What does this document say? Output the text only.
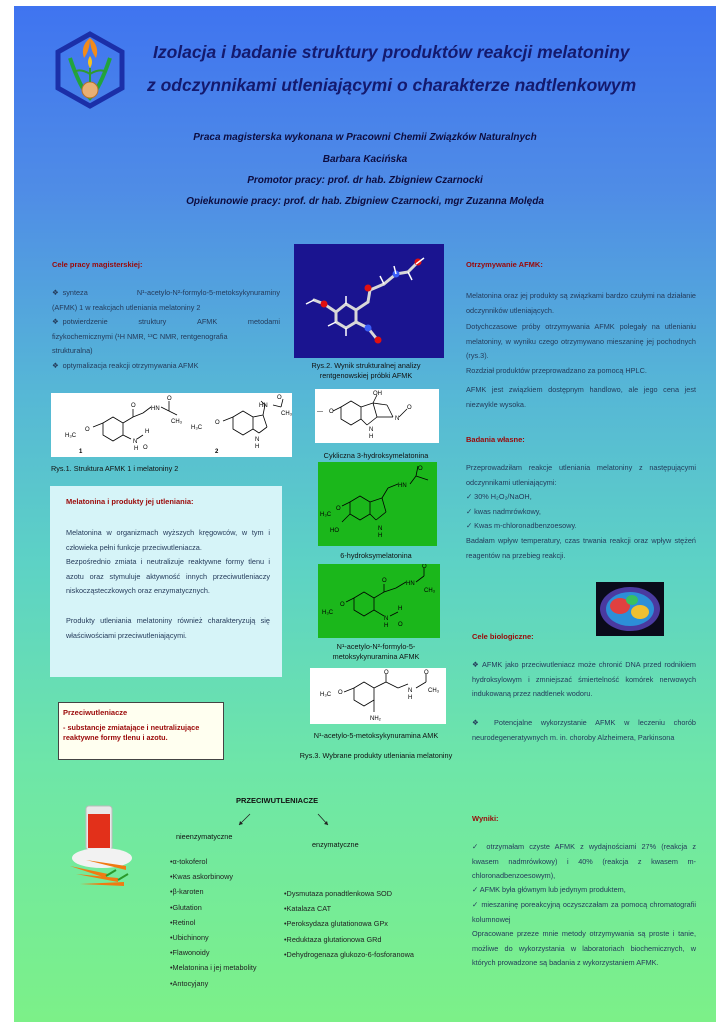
Izolacja i badanie struktury produktów reakcji melatoniny
z odczynnikami utleniającymi o charakterze nadtlenkowym
Praca magisterska wykonana w Pracowni Chemii Związków Naturalnych
Barbara Kacińska
Promotor pracy: prof. dr hab. Zbigniew Czarnocki
Opiekunowie pracy: prof. dr hab. Zbigniew Czarnocki, mgr Zuzanna Molęda
Cele pracy magisterskiej:
❖  synteza	N¹-acetylo-N²-formylo-5-metoksykynuraminy
(AFMK) 1 w reakcjach utleniania melatoniny 2
❖  potwierdzenie	struktury	AFMK	metodami
fizykochemicznymi (¹H NMR, ¹³C NMR, rentgenografia
strukturalna)
❖  optymalizacja reakcji otrzymywania AFMK
H₃C
O
O	HN
O
CH₃
N
H
H
O
H₃C
O
N
H
HN
O
CH₃
1	2
Rys.1. Struktura AFMK 1 i melatoniny 2
Melatonina i produkty jej utleniania:
Melatonina w organizmach wyższych kręgowców, w tym i człowieka pełni funkcje przeciwutleniacza.
Bezpośrednio zmiata i neutralizuje reaktywne formy tlenu i azotu oraz stymuluje aktywność innych przeciwutleniaczy niskocząsteczkowych oraz enzymatycznych.
Produkty utleniania melatoniny również charakteryzują się właściwościami przeciwutleniającymi.
Przeciwutleniacze
- substancje zmiatające i neutralizujące reaktywne formy tlenu i azotu.
Rys.2. Wynik strukturalnej analizy
rentgenowskiej próbki AFMK
O
—
OH
N
H
N
O
Cykliczna 3-hydroksymelatonina
H₃C
O
HO
HN
O
N
H
6-hydroksymelatonina
H₃C
O
O	HN
O
CH₃
N
H
H
O
N¹-acetylo-N²-formylo-5-
metoksykynuramina AFMK
H₃C O
O
N
H
O
CH₃
NH₂
N¹-acetylo-5-metoksykynuramina AMK
Rys.3. Wybrane produkty utleniania melatoniny
Otrzymywanie AFMK:
Melatonina oraz jej produkty są związkami bardzo czułymi na działanie odczynników utleniających.
Dotychczasowe próby otrzymywania AFMK polegały na utlenianiu melatoniny, w wyniku czego otrzymywano mieszaninę jej pochodnych (rys.3).
Rozdział produktów przeprowadzano za pomocą HPLC.
AFMK jest związkiem dostępnym handlowo, ale jego cena jest niezwykle wysoka.
Badania własne:
Przeprowadziłam reakcje utleniania melatoniny z następującymi odczynnikami utleniającymi:
✓ 30% H₂O₂/NaOH,
✓ kwas nadmrówkowy,
✓ Kwas m-chloronadbenzoesowy.
Badałam wpływ temperatury, czas trwania reakcji oraz wpływ stężeń reagentów na przebieg reakcji.
Cele biologiczne:
❖ AFMK jako przeciwutleniacz może chronić DNA przed rodnikiem hydroksylowym i zmniejszać śmiertelność komórek nerwowych indukowaną przez nadtlenek wodoru.
❖ Potencjalne wykorzystanie AFMK w leczeniu chorób neurodegeneratywnych m. in. choroby Alzheimera, Parkinsona
PRZECIWUTLENIACZE
nieenzymatyczne
enzymatyczne
•α-tokoferol
•Kwas askorbinowy
•β-karoten
•Glutation
•Retinol
•Ubichinony
•Flawonoidy
•Melatonina i jej metabolity
•Antocyjany
•Dysmutaza ponadtlenkowa SOD
•Katalaza CAT
•Peroksydaza glutationowa GPx
•Reduktaza glutationowa GRd
•Dehydrogenaza glukozo-6-fosforanowa
Wyniki:
✓ otrzymałam czyste AFMK z wydajnościami 27% (reakcja z kwasem nadmrówkowy) i 40% (reakcja z kwasem m-chloronadbenzoesowym),
✓ AFMK była głównym lub jedynym produktem,
✓ mieszaninę poreakcyjną oczyszczałam za pomocą chromatografii kolumnowej
Opracowane przeze mnie metody otrzymywania są proste i tanie, możliwe do wykorzystania w laboratoriach biochemicznych, w których prowadzone są badania z wykorzystaniem AFMK.
